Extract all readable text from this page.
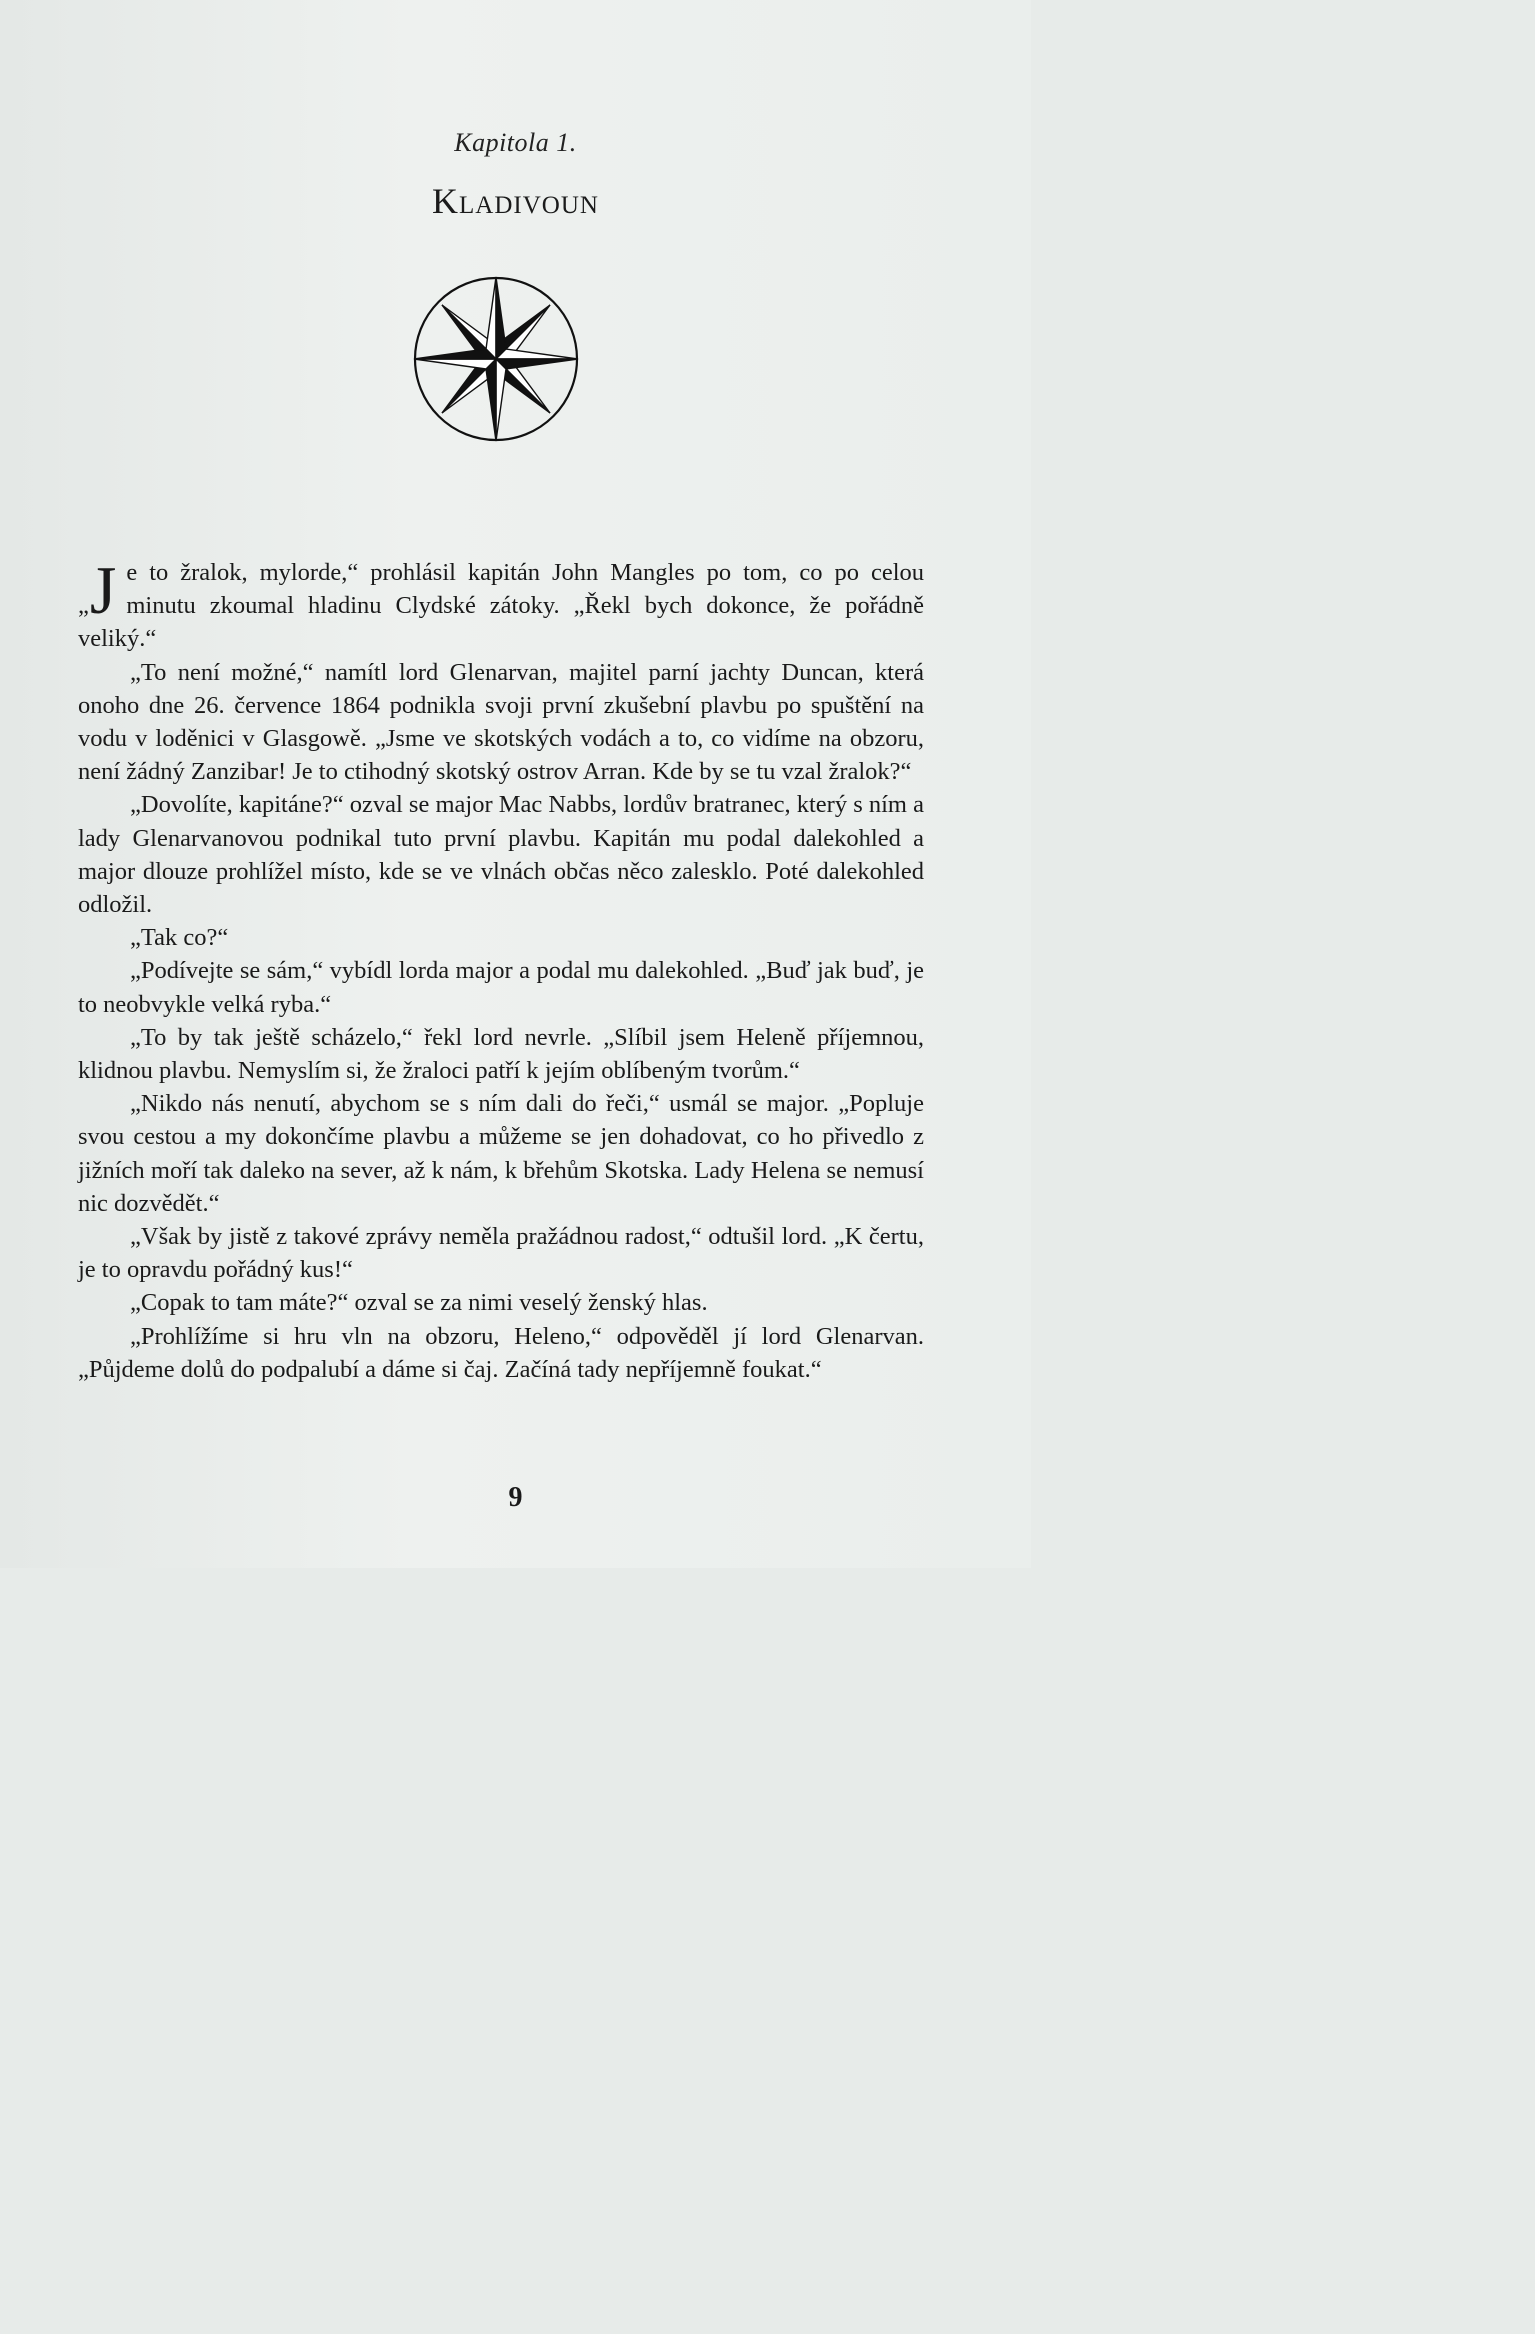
Kapitola 1.
Kladivoun

„ J e to žralok, mylorde,“ prohlásil kapitán John Mangles po tom, co po celou minutu zkoumal hladinu Clydské zátoky. „Řekl bych dokonce, že pořádně veliký.“

„To není možné,“ namítl lord Glenarvan, majitel parní jachty Duncan, která onoho dne 26. července 1864 podnikla svoji první zkušební plavbu po spuštění na vodu v loděnici v Glasgowě. „Jsme ve skotských vodách a to, co vidíme na obzoru, není žádný Zanzibar! Je to ctihodný skotský ostrov Arran. Kde by se tu vzal žralok?“

„Dovolíte, kapitáne?“ ozval se major Mac Nabbs, lordův bratranec, který s ním a lady Glenarvanovou podnikal tuto první plavbu. Kapitán mu podal dalekohled a major dlouze prohlížel místo, kde se ve vlnách občas něco zalesklo. Poté dalekohled odložil.

„Tak co?“

„Podívejte se sám,“ vybídl lorda major a podal mu dalekohled. „Buď jak buď, je to neobvykle velká ryba.“

„To by tak ještě scházelo,“ řekl lord nevrle. „Slíbil jsem Heleně příjemnou, klidnou plavbu. Nemyslím si, že žraloci patří k jejím oblíbeným tvorům.“

„Nikdo nás nenutí, abychom se s ním dali do řeči,“ usmál se major. „Popluje svou cestou a my dokončíme plavbu a můžeme se jen dohadovat, co ho přivedlo z jižních moří tak daleko na sever, až k nám, k břehům Skotska. Lady Helena se nemusí nic dozvědět.“

„Však by jistě z takové zprávy neměla pražádnou radost,“ odtušil lord. „K čertu, je to opravdu pořádný kus!“

„Copak to tam máte?“ ozval se za nimi veselý ženský hlas.

„Prohlížíme si hru vln na obzoru, Heleno,“ odpověděl jí lord Glenarvan. „Půjdeme dolů do podpalubí a dáme si čaj. Začíná tady nepříjemně foukat.“

9
